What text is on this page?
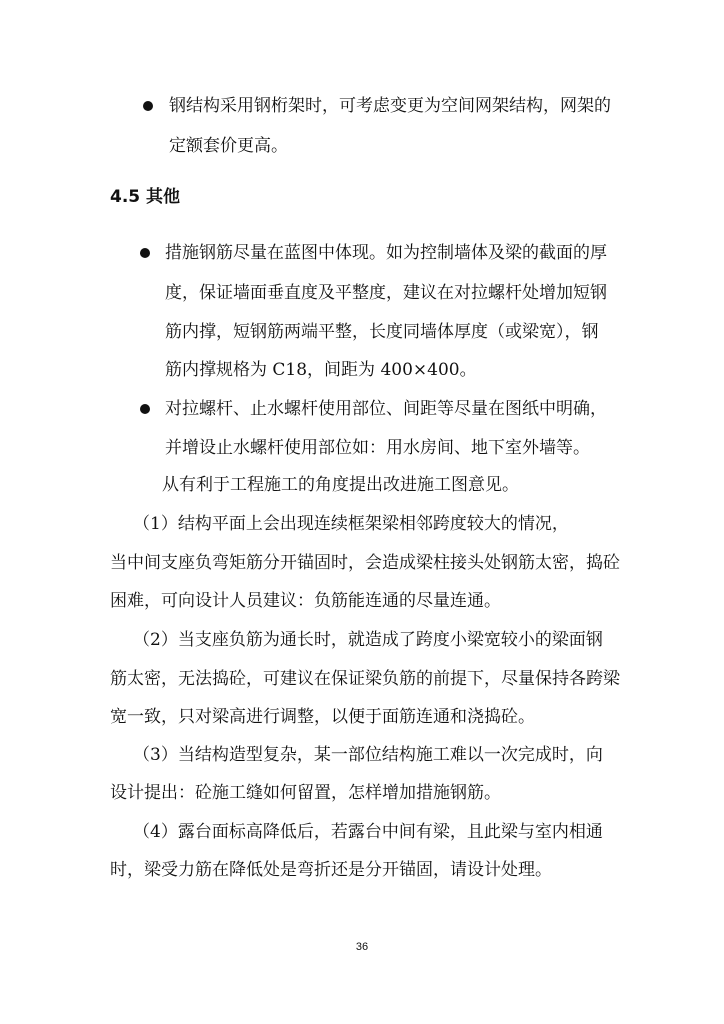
钢结构采用钢桁架时，可考虑变更为空间网架结构，网架的
定额套价更高。
4.5 其他
措施钢筋尽量在蓝图中体现。如为控制墙体及梁的截面的厚
度，保证墙面垂直度及平整度，建议在对拉螺杆处增加短钢
筋内撑，短钢筋两端平整，长度同墙体厚度（或梁宽），钢
筋内撑规格为 C18，间距为 400×400。
对拉螺杆、止水螺杆使用部位、间距等尽量在图纸中明确，
并增设止水螺杆使用部位如：用水房间、地下室外墙等。
从有利于工程施工的角度提出改进施工图意见。
（1）结构平面上会出现连续框架梁相邻跨度较大的情况，
当中间支座负弯矩筋分开锚固时，会造成梁柱接头处钢筋太密，捣砼
困难，可向设计人员建议：负筋能连通的尽量连通。
（2）当支座负筋为通长时，就造成了跨度小梁宽较小的梁面钢
筋太密，无法捣砼，可建议在保证梁负筋的前提下，尽量保持各跨梁
宽一致，只对梁高进行调整，以便于面筋连通和浇捣砼。
（3）当结构造型复杂，某一部位结构施工难以一次完成时，向
设计提出：砼施工缝如何留置，怎样增加措施钢筋。
（4）露台面标高降低后，若露台中间有梁，且此梁与室内相通
时，梁受力筋在降低处是弯折还是分开锚固，请设计处理。
36
